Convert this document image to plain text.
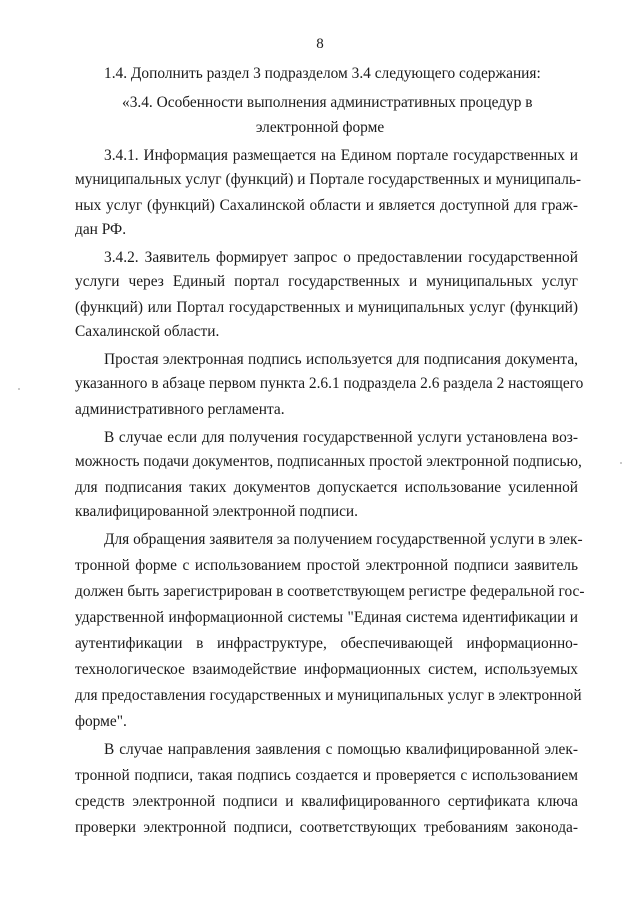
8
1.4. Дополнить раздел 3 подразделом 3.4 следующего содержания:
«3.4. Особенности выполнения административных процедур в
электронной форме
3.4.1. Информация размещается на Едином портале государственных и
муниципальных услуг (функций) и Портале государственных и муниципаль-
ных услуг (функций) Сахалинской области и является доступной для граж-
дан РФ.
3.4.2. Заявитель формирует запрос о предоставлении государственной
услуги через Единый портал государственных и муниципальных услуг
(функций) или Портал государственных и муниципальных услуг (функций)
Сахалинской области.
Простая электронная подпись используется для подписания документа,
указанного в абзаце первом пункта 2.6.1 подраздела 2.6 раздела 2 настоящего
административного регламента.
В случае если для получения государственной услуги установлена воз-
можность подачи документов, подписанных простой электронной подписью,
для подписания таких документов допускается использование усиленной
квалифицированной электронной подписи.
Для обращения заявителя за получением государственной услуги в элек-
тронной форме с использованием простой электронной подписи заявитель
должен быть зарегистрирован в соответствующем регистре федеральной гос-
ударственной информационной системы "Единая система идентификации и
аутентификации в инфраструктуре, обеспечивающей информационно-
технологическое взаимодействие информационных систем, используемых
для предоставления государственных и муниципальных услуг в электронной
форме".
В случае направления заявления с помощью квалифицированной элек-
тронной подписи, такая подпись создается и проверяется с использованием
средств электронной подписи и квалифицированного сертификата ключа
проверки электронной подписи, соответствующих требованиям законода-
